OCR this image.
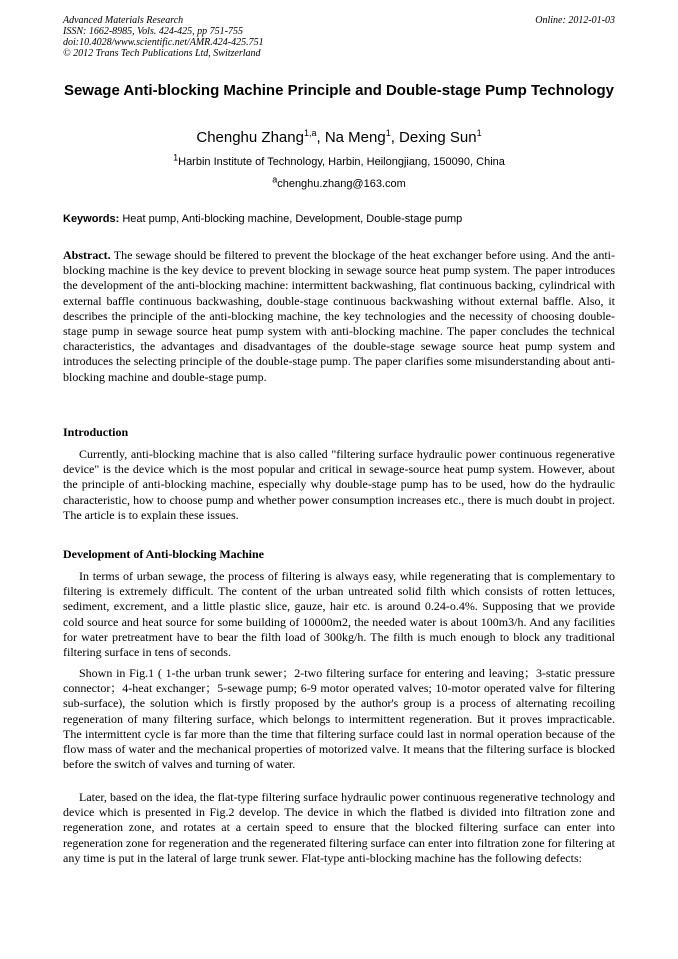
Advanced Materials Research
ISSN: 1662-8985, Vols. 424-425, pp 751-755
doi:10.4028/www.scientific.net/AMR.424-425.751
© 2012 Trans Tech Publications Ltd, Switzerland
Online: 2012-01-03
Sewage Anti-blocking Machine Principle and Double-stage Pump Technology
Chenghu Zhang$^{1,a}$, Na Meng$^1$, Dexing Sun$^1$
$^1$Harbin Institute of Technology, Harbin, Heilongjiang, 150090, China
$^a$chenghu.zhang@163.com
Keywords: Heat pump, Anti-blocking machine, Development, Double-stage pump
Abstract. The sewage should be filtered to prevent the blockage of the heat exchanger before using. And the anti-blocking machine is the key device to prevent blocking in sewage source heat pump system. The paper introduces the development of the anti-blocking machine: intermittent backwashing, flat continuous backing, cylindrical with external baffle continuous backwashing, double-stage continuous backwashing without external baffle. Also, it describes the principle of the anti-blocking machine, the key technologies and the necessity of choosing double-stage pump in sewage source heat pump system with anti-blocking machine. The paper concludes the technical characteristics, the advantages and disadvantages of the double-stage sewage source heat pump system and introduces the selecting principle of the double-stage pump. The paper clarifies some misunderstanding about anti-blocking machine and double-stage pump.
Introduction

Currently, anti-blocking machine that is also called "filtering surface hydraulic power continuous regenerative device" is the device which is the most popular and critical in sewage-source heat pump system. However, about the principle of anti-blocking machine, especially why double-stage pump has to be used, how do the hydraulic characteristic, how to choose pump and whether power consumption increases etc., there is much doubt in project. The article is to explain these issues.

Development of Anti-blocking Machine

In terms of urban sewage, the process of filtering is always easy, while regenerating that is complementary to filtering is extremely difficult. The content of the urban untreated solid filth which consists of rotten lettuces, sediment, excrement, and a little plastic slice, gauze, hair etc. is around 0.24-o.4%. Supposing that we provide cold source and heat source for some building of 10000m2, the needed water is about 100m3/h. And any facilities for water pretreatment have to bear the filth load of 300kg/h. The filth is much enough to block any traditional filtering surface in tens of seconds.

Shown in Fig.1 ( 1-the urban trunk sewer；2-two filtering surface for entering and leaving；3-static pressure connector；4-heat exchanger；5-sewage pump; 6-9 motor operated valves; 10-motor operated valve for filtering sub-surface), the solution which is firstly proposed by the author's group is a process of alternating recoiling regeneration of many filtering surface, which belongs to intermittent regeneration. But it proves impracticable. The intermittent cycle is far more than the time that filtering surface could last in normal operation because of the flow mass of water and the mechanical properties of motorized valve. It means that the filtering surface is blocked before the switch of valves and turning of water.

Later, based on the idea, the flat-type filtering surface hydraulic power continuous regenerative technology and device which is presented in Fig.2 develop. The device in which the flatbed is divided into filtration zone and regeneration zone, and rotates at a certain speed to ensure that the blocked filtering surface can enter into regeneration zone for regeneration and the regenerated filtering surface can enter into filtration zone for filtering at any time is put in the lateral of large trunk sewer. Flat-type anti-blocking machine has the following defects:
